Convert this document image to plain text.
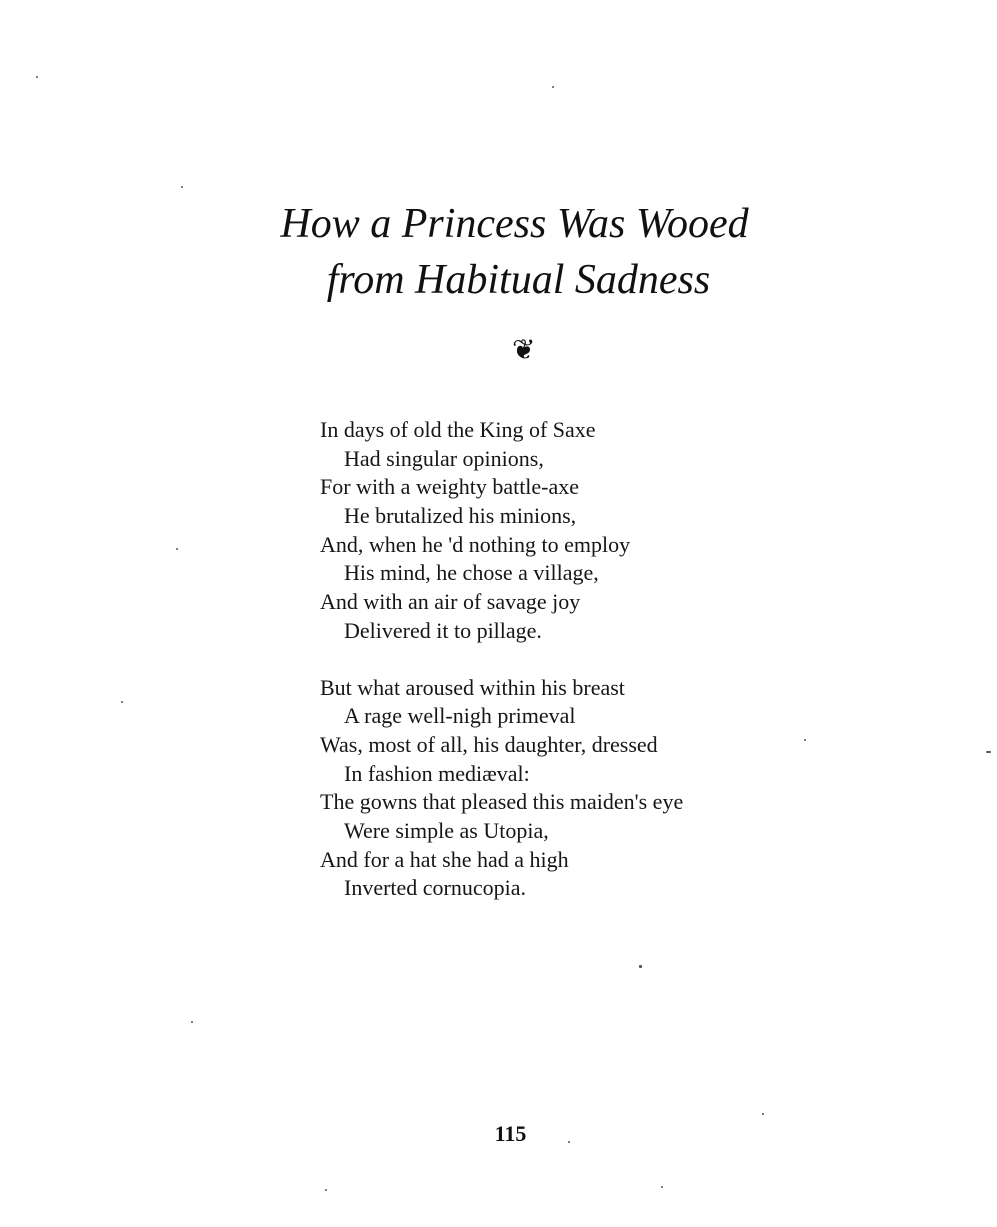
How a Princess Was Wooed
from Habitual Sadness
❦
In days of old the King of Saxe
Had singular opinions,
For with a weighty battle-axe
He brutalized his minions,
And, when he 'd nothing to employ
His mind, he chose a village,
And with an air of savage joy
Delivered it to pillage.
But what aroused within his breast
A rage well-nigh primeval
Was, most of all, his daughter, dressed
In fashion mediæval:
The gowns that pleased this maiden's eye
Were simple as Utopia,
And for a hat she had a high
Inverted cornucopia.
115
